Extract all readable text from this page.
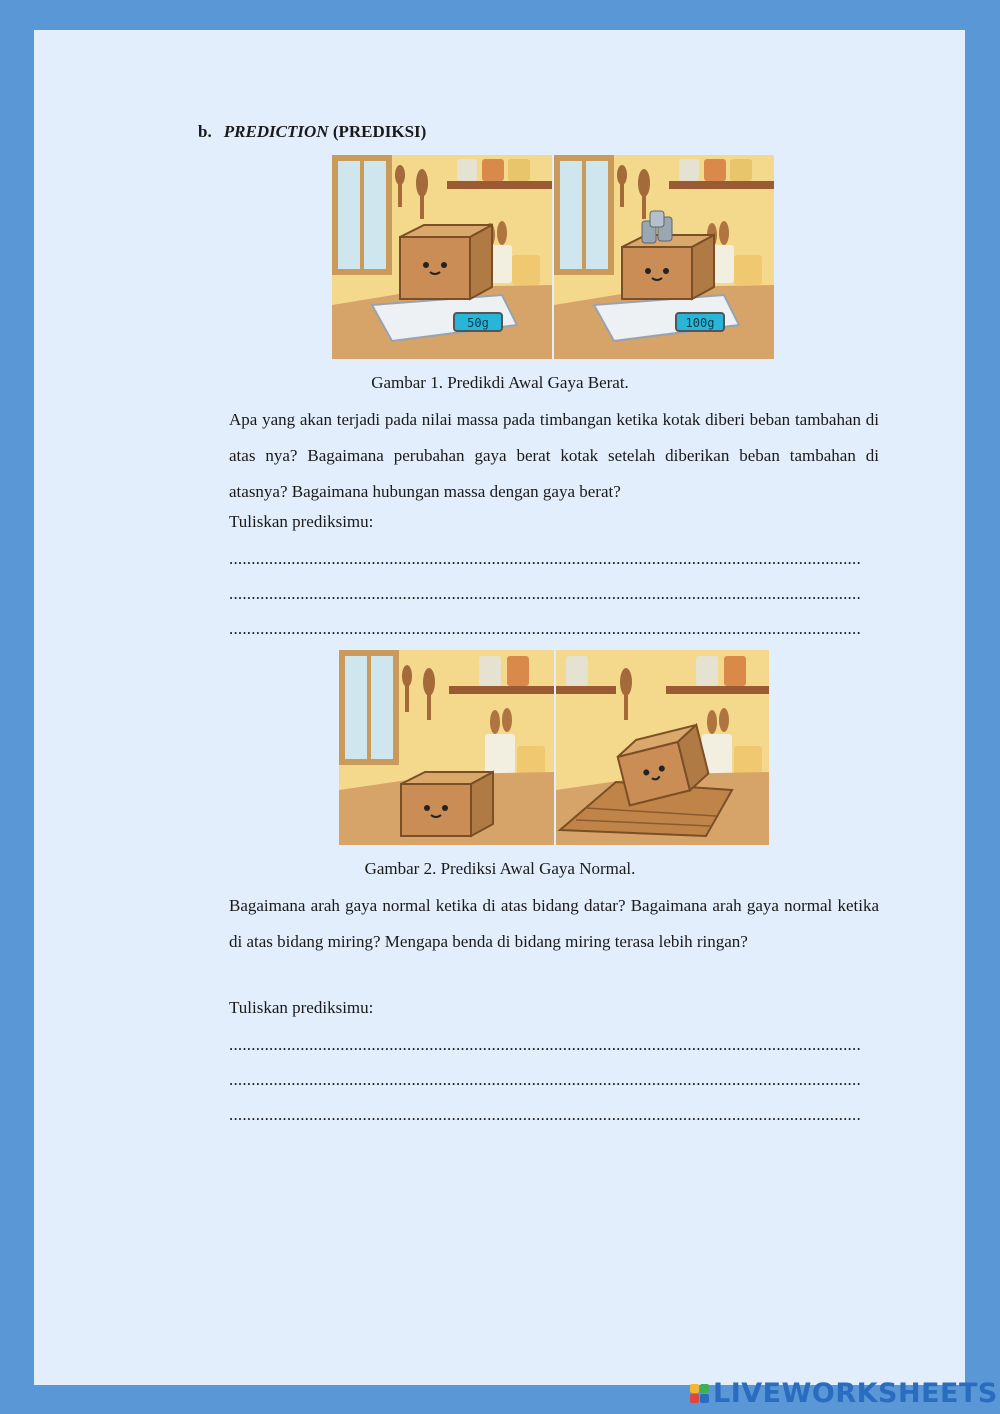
b. PREDICTION (PREDIKSI)
50g	100g
Gambar 1. Predikdi Awal Gaya Berat.

Apa yang akan terjadi pada nilai massa pada timbangan ketika kotak diberi beban tambahan di atas nya? Bagaimana perubahan gaya berat kotak setelah diberikan beban tambahan di atasnya? Bagaimana hubungan massa dengan gaya berat?

Tuliskan prediksimu:
..............................................................................................................................................
..............................................................................................................................................
..............................................................................................................................................
Gambar 2. Prediksi Awal Gaya Normal.

Bagaimana arah gaya normal ketika di atas bidang datar? Bagaimana arah gaya normal ketika di atas bidang miring? Mengapa benda di bidang miring terasa lebih ringan?

Tuliskan prediksimu:
..............................................................................................................................................
..............................................................................................................................................
..............................................................................................................................................
LIVEWORKSHEETS
